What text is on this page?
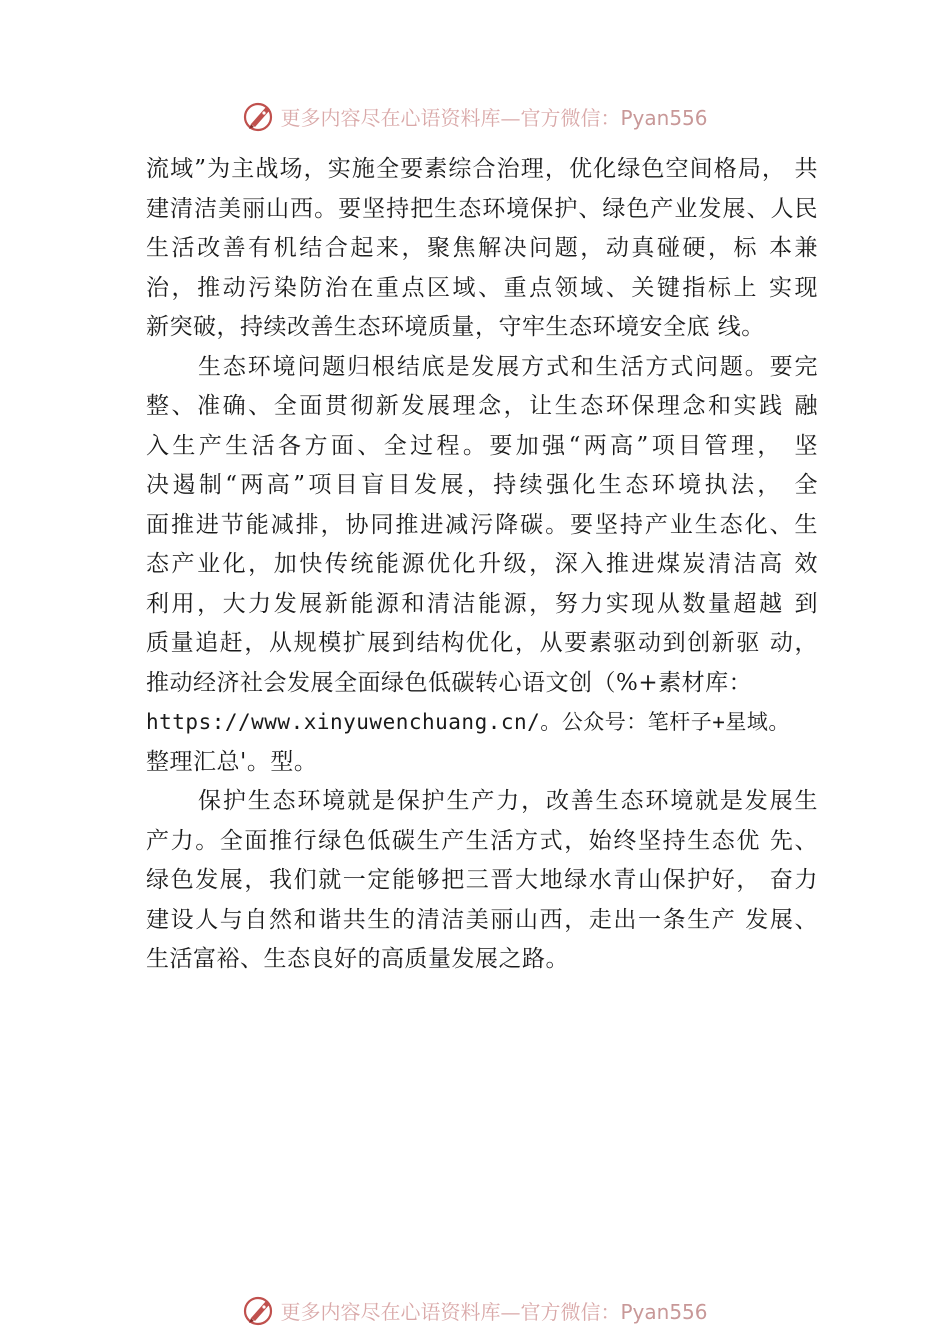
更多内容尽在心语资料库—官方微信：Pyan556
流域”为主战场，实施全要素综合治理，优化绿色空间格局， 共
建清洁美丽山西。要坚持把生态环境保护、绿色产业发展、人民
生活改善有机结合起来，聚焦解决问题，动真碰硬，标 本兼
治，推动污染防治在重点区域、重点领域、关键指标上 实现
新突破，持续改善生态环境质量，守牢生态环境安全底 线。
生态环境问题归根结底是发展方式和生活方式问题。要完
整、准确、全面贯彻新发展理念，让生态环保理念和实践 融
入生产生活各方面、全过程。要加强“两高”项目管理， 坚
决遏制“两高”项目盲目发展，持续强化生态环境执法， 全
面推进节能减排，协同推进减污降碳。要坚持产业生态化、生
态产业化，加快传统能源优化升级，深入推进煤炭清洁高 效
利用，大力发展新能源和清洁能源，努力实现从数量超越 到
质量追赶，从规模扩展到结构优化，从要素驱动到创新驱 动，
推动经济社会发展全面绿色低碳转心语文创（%+素材库：
https://www.xinyuwenchuang.cn/。公众号：笔杆子+星域。
整理汇总'。型。
保护生态环境就是保护生产力，改善生态环境就是发展生
产力。全面推行绿色低碳生产生活方式，始终坚持生态优 先、
绿色发展，我们就一定能够把三晋大地绿水青山保护好， 奋力
建设人与自然和谐共生的清洁美丽山西，走出一条生产 发展、
生活富裕、生态良好的高质量发展之路。
更多内容尽在心语资料库—官方微信：Pyan556
